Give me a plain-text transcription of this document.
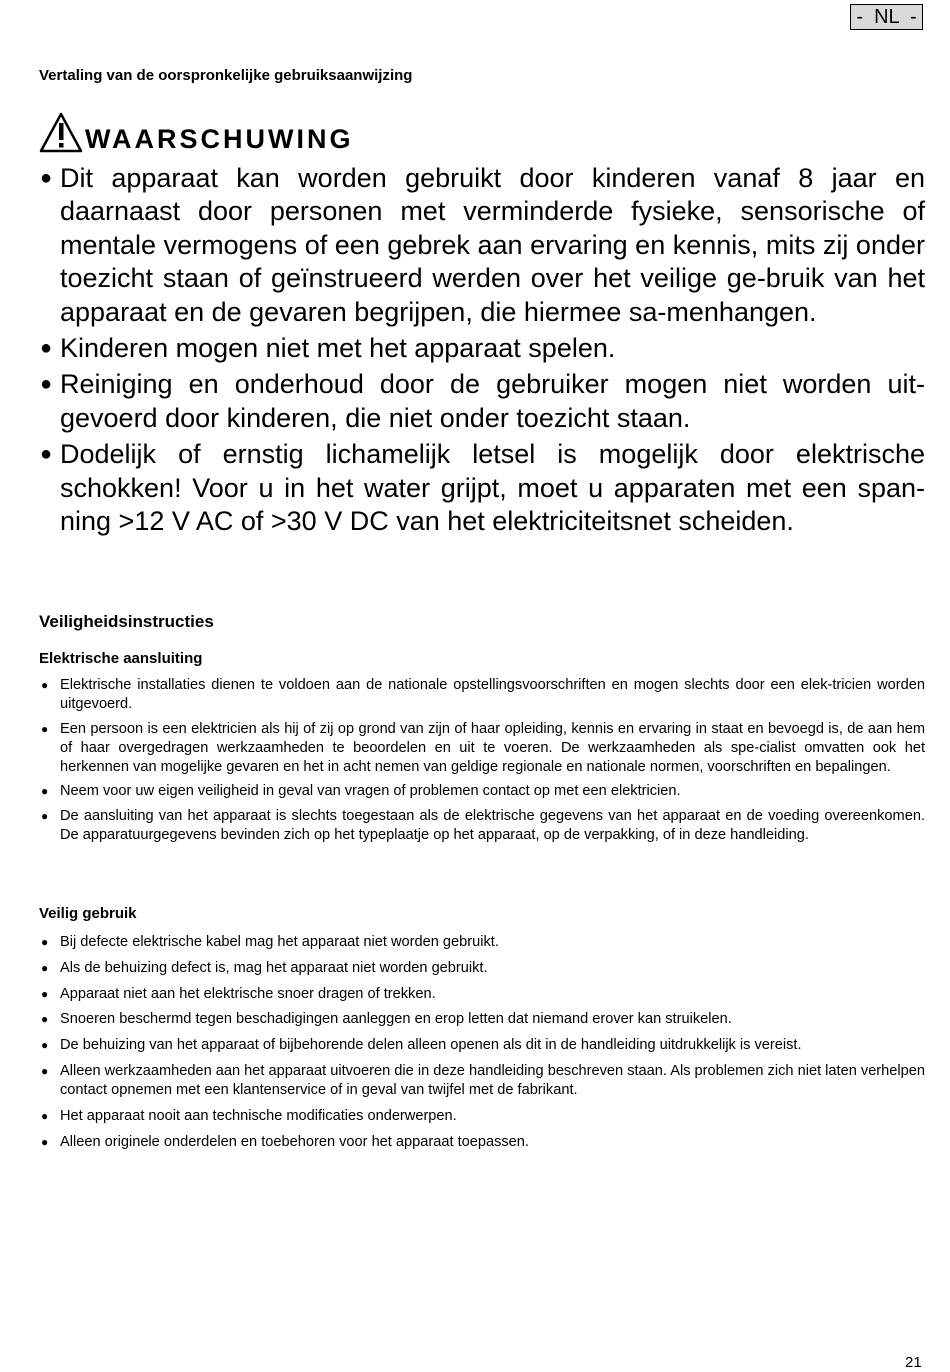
-  NL  -
Vertaling van de oorspronkelijke gebruiksaanwijzing
WAARSCHUWING
● Dit apparaat kan worden gebruikt door kinderen vanaf 8 jaar en daarnaast door personen met verminderde fysieke, sensorische of mentale vermogens of een gebrek aan ervaring en kennis, mits zij onder toezicht staan of geïnstrueerd werden over het veilige ge-bruik van het apparaat en de gevaren begrijpen, die hiermee sa-menhangen.
● Kinderen mogen niet met het apparaat spelen.
● Reiniging en onderhoud door de gebruiker mogen niet worden uit-gevoerd door kinderen, die niet onder toezicht staan.
● Dodelijk of ernstig lichamelijk letsel is mogelijk door elektrische schokken! Voor u in het water grijpt, moet u apparaten met een span-ning >12 V AC of >30 V DC van het elektriciteitsnet scheiden.
Veiligheidsinstructies
Elektrische aansluiting
● Elektrische installaties dienen te voldoen aan de nationale opstellingsvoorschriften en mogen slechts door een elek-tricien worden uitgevoerd.
● Een persoon is een elektricien als hij of zij op grond van zijn of haar opleiding, kennis en ervaring in staat en bevoegd is, de aan hem of haar overgedragen werkzaamheden te beoordelen en uit te voeren. De werkzaamheden als spe-cialist omvatten ook het herkennen van mogelijke gevaren en het in acht nemen van geldige regionale en nationale normen, voorschriften en bepalingen.
● Neem voor uw eigen veiligheid in geval van vragen of problemen contact op met een elektricien.
● De aansluiting van het apparaat is slechts toegestaan als de elektrische gegevens van het apparaat en de voeding overeenkomen. De apparatuurgegevens bevinden zich op het typeplaatje op het apparaat, op de verpakking, of in deze handleiding.
Veilig gebruik
● Bij defecte elektrische kabel mag het apparaat niet worden gebruikt.
● Als de behuizing defect is, mag het apparaat niet worden gebruikt.
● Apparaat niet aan het elektrische snoer dragen of trekken.
● Snoeren beschermd tegen beschadigingen aanleggen en erop letten dat niemand erover kan struikelen.
● De behuizing van het apparaat of bijbehorende delen alleen openen als dit in de handleiding uitdrukkelijk is vereist.
● Alleen werkzaamheden aan het apparaat uitvoeren die in deze handleiding beschreven staan. Als problemen zich niet laten verhelpen contact opnemen met een klantenservice of in geval van twijfel met de fabrikant.
● Het apparaat nooit aan technische modificaties onderwerpen.
● Alleen originele onderdelen en toebehoren voor het apparaat toepassen.
21
